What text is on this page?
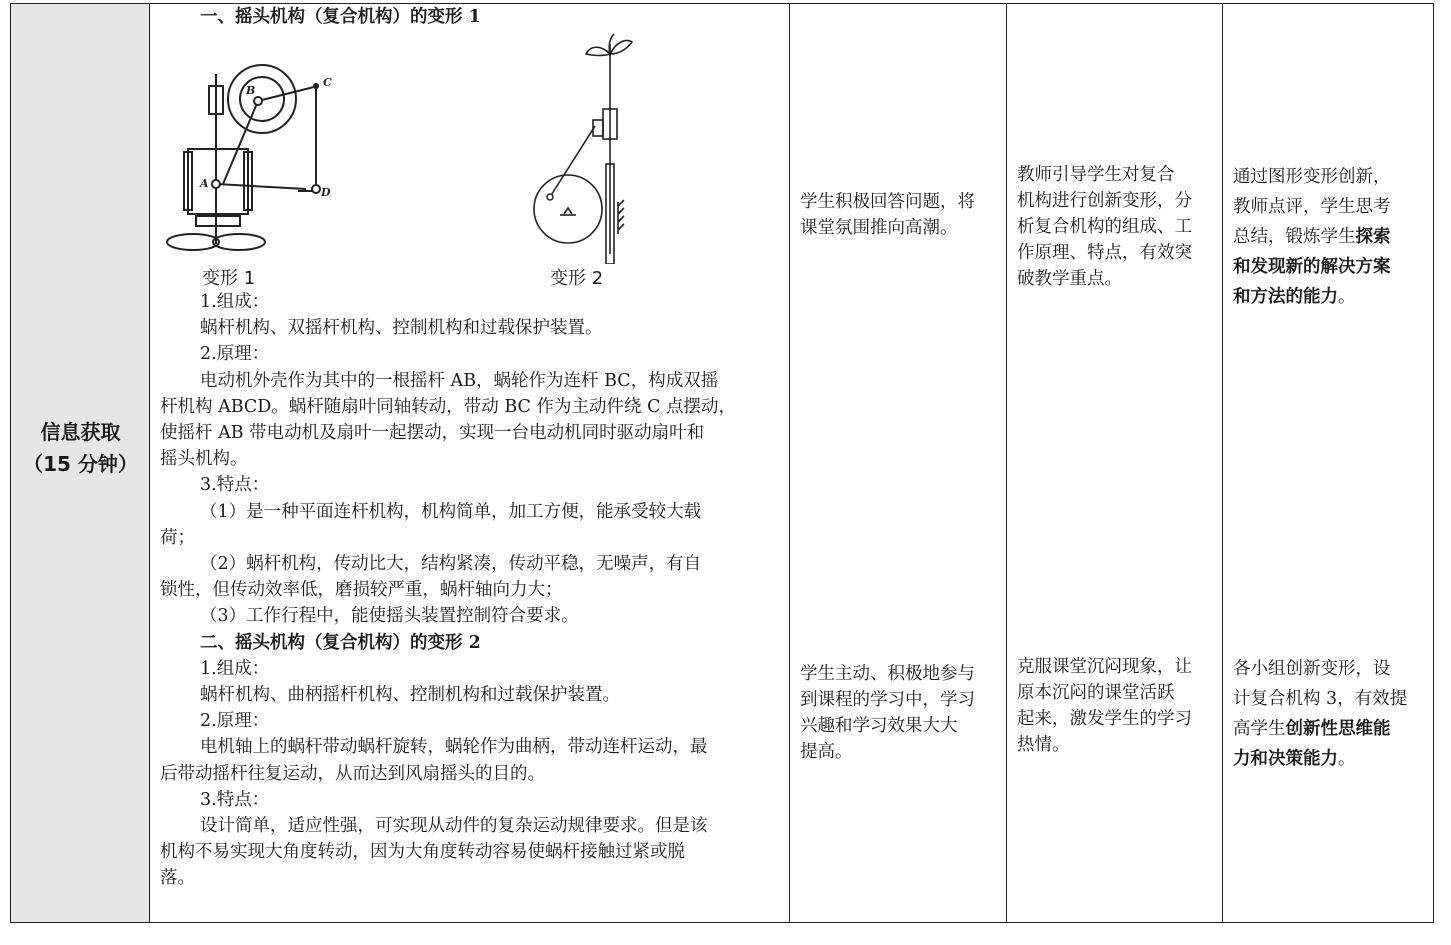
信息获取
（15 分钟）
一、摇头机构（复合机构）的变形 1
B
C
A
D
变形 1	变形 2
1.组成：
蜗杆机构、双摇杆机构、控制机构和过载保护装置。
2.原理：
电动机外壳作为其中的一根摇杆 AB，蜗轮作为连杆 BC，构成双摇
杆机构 ABCD。蜗杆随扇叶同轴转动，带动 BC 作为主动件绕 C 点摆动，
使摇杆 AB 带电动机及扇叶一起摆动，实现一台电动机同时驱动扇叶和
摇头机构。
3.特点：
（1）是一种平面连杆机构，机构简单，加工方便，能承受较大载
荷；
（2）蜗杆机构，传动比大，结构紧凑，传动平稳，无噪声，有自
锁性，但传动效率低，磨损较严重，蜗杆轴向力大；
（3）工作行程中，能使摇头装置控制符合要求。
二、摇头机构（复合机构）的变形 2
1.组成：
蜗杆机构、曲柄摇杆机构、控制机构和过载保护装置。
2.原理：
电机轴上的蜗杆带动蜗杆旋转，蜗轮作为曲柄，带动连杆运动，最
后带动摇杆往复运动，从而达到风扇摇头的目的。
3.特点：
设计简单，适应性强，可实现从动件的复杂运动规律要求。但是该
机构不易实现大角度转动，因为大角度转动容易使蜗杆接触过紧或脱
落。
学生积极回答问题，将
课堂氛围推向高潮。
学生主动、积极地参与
到课程的学习中，学习
兴趣和学习效果大大
提高。
教师引导学生对复合
机构进行创新变形，分
析复合机构的组成、工
作原理、特点，有效突
破教学重点。
克服课堂沉闷现象，让
原本沉闷的课堂活跃
起来，激发学生的学习
热情。
通过图形变形创新，
教师点评，学生思考
总结，锻炼学生探索
和发现新的解决方案
和方法的能力。
各小组创新变形，设
计复合机构 3，有效提
高学生创新性思维能
力和决策能力。
